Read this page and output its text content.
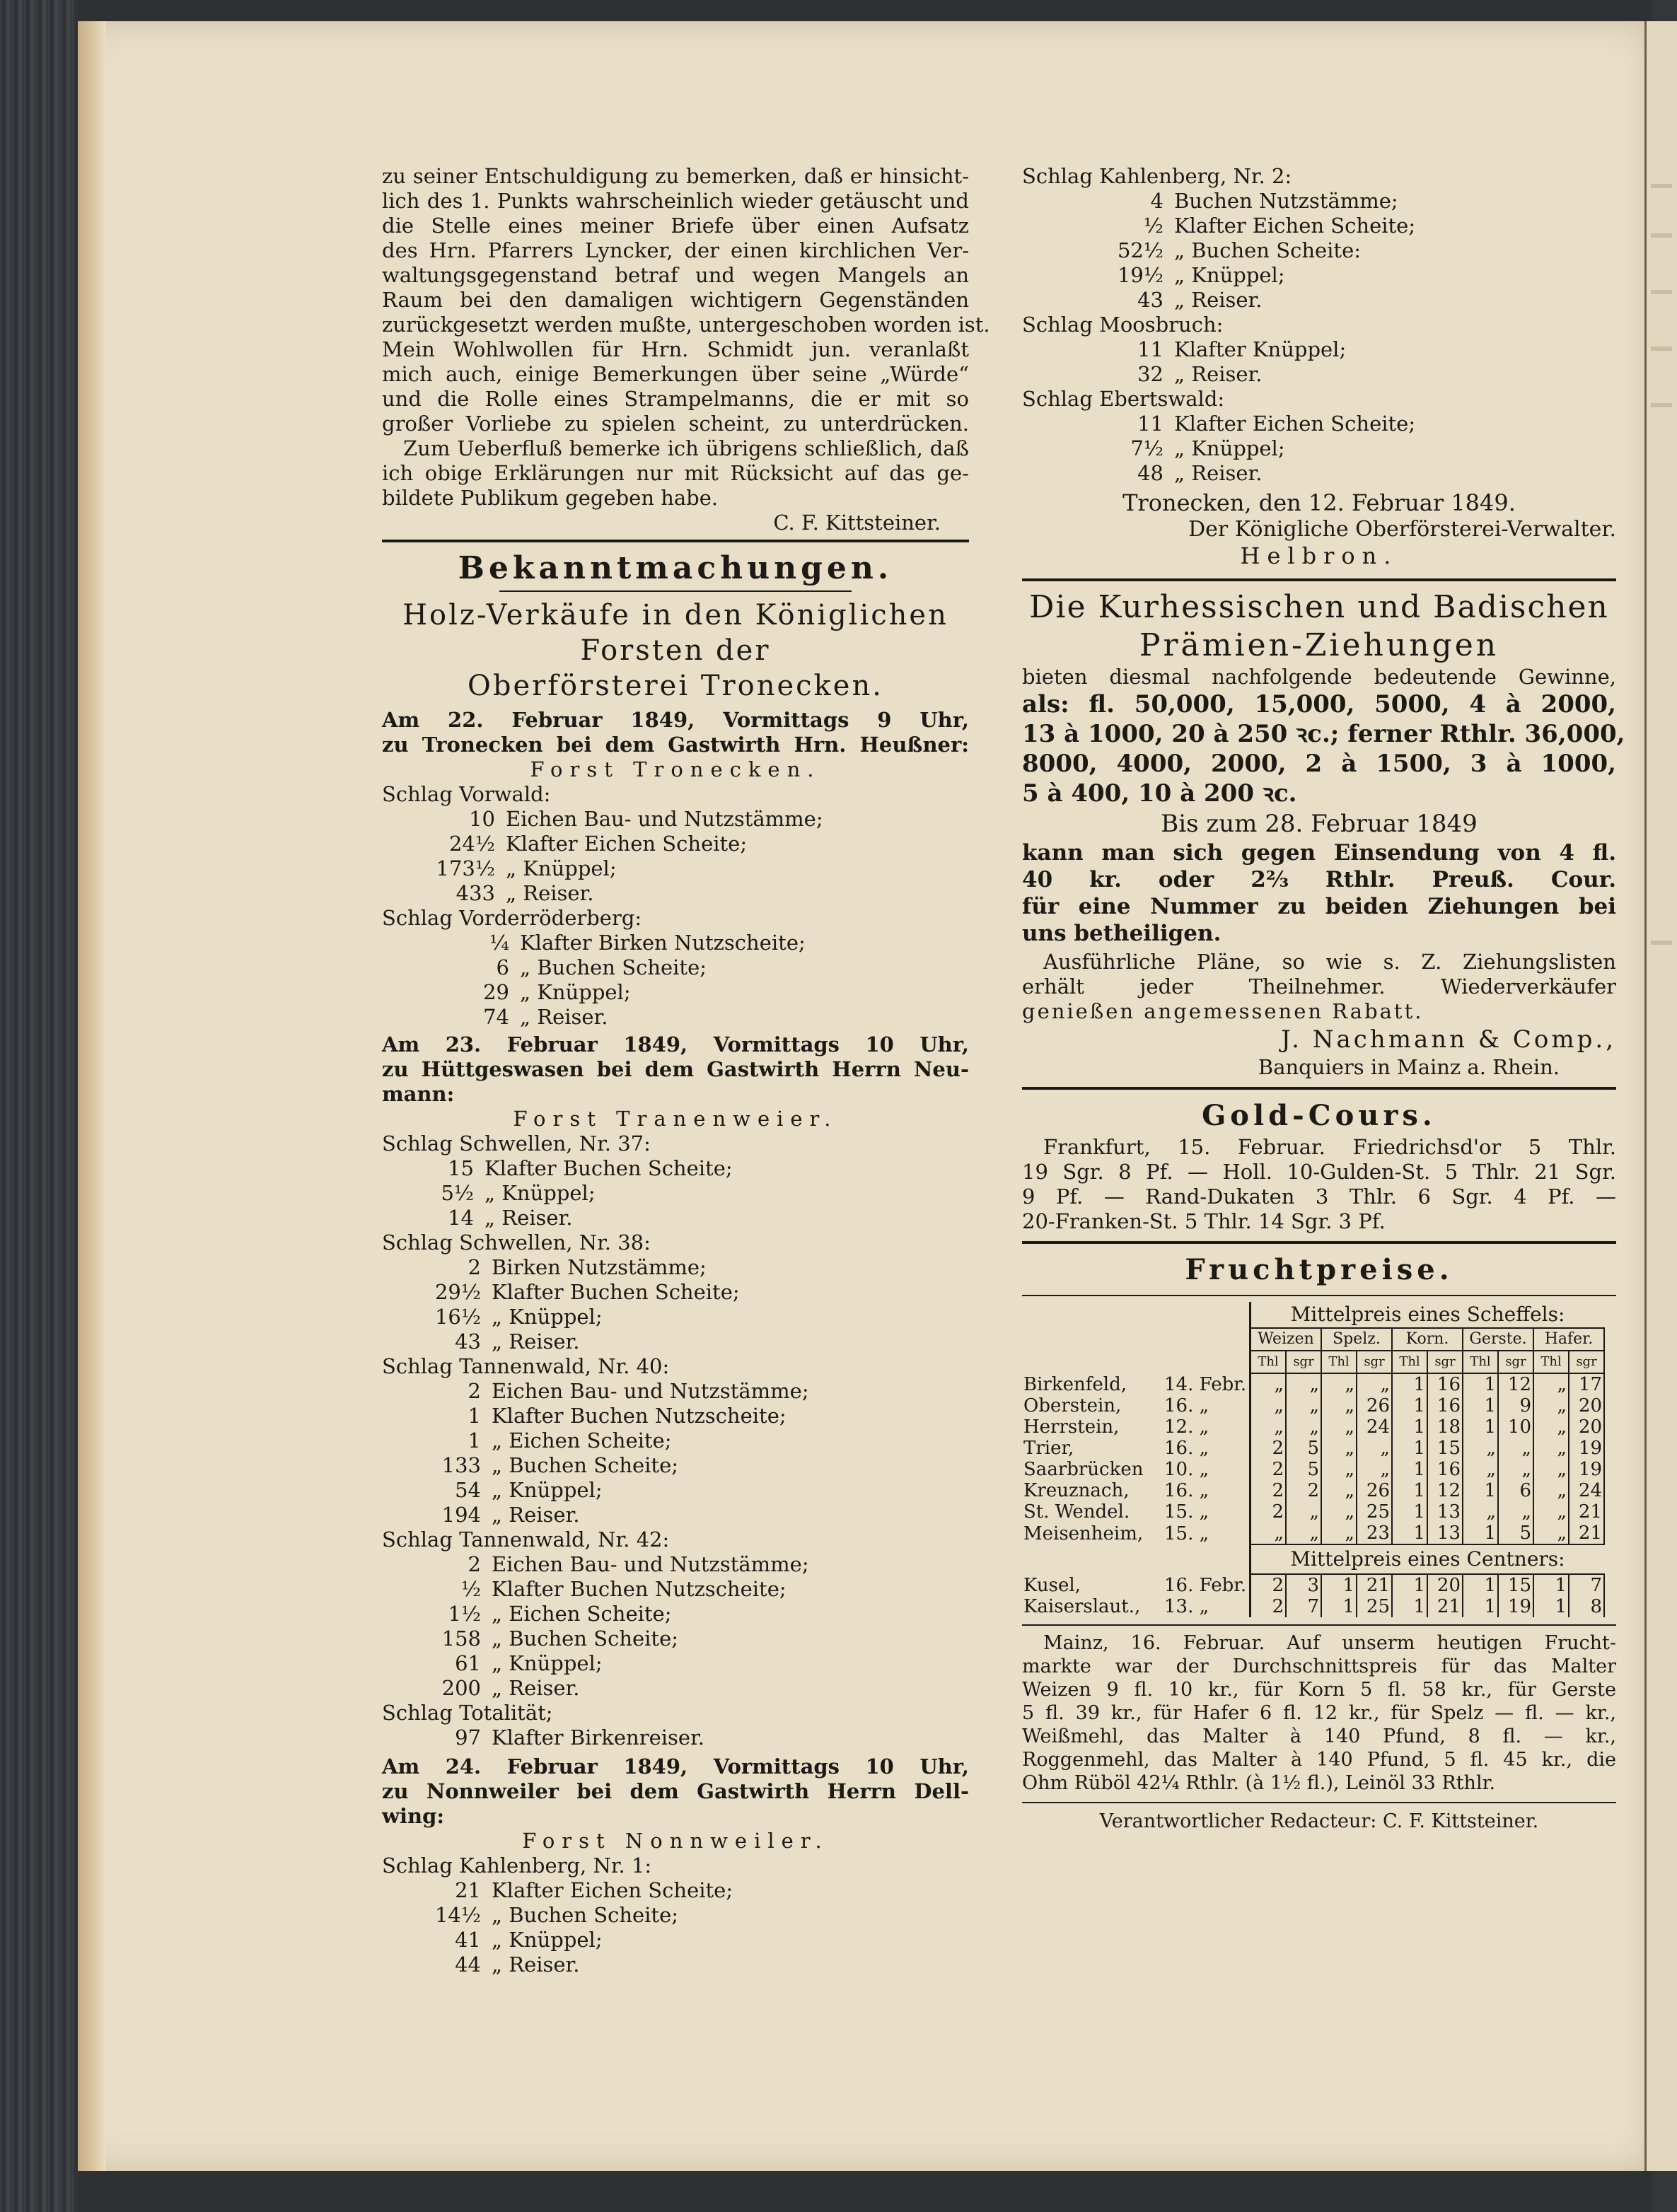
zu seiner Entschuldigung zu bemerken, daß er hinsicht-
lich des 1. Punkts wahrscheinlich wieder getäuscht und
die Stelle eines meiner Briefe über einen Aufsatz
des Hrn. Pfarrers Lyncker, der einen kirchlichen Ver-
waltungsgegenstand betraf und wegen Mangels an
Raum bei den damaligen wichtigern Gegenständen
zurückgesetzt werden mußte, untergeschoben worden ist.
Mein Wohlwollen für Hrn. Schmidt jun. veranlaßt
mich auch, einige Bemerkungen über seine „Würde“
und die Rolle eines Strampelmanns, die er mit so
großer Vorliebe zu spielen scheint, zu unterdrücken.
Zum Ueberfluß bemerke ich übrigens schließlich, daß
ich obige Erklärungen nur mit Rücksicht auf das ge-
bildete Publikum gegeben habe.
C. F. Kittsteiner.
Bekanntmachungen.
Holz-Verkäufe in den Königlichen Forsten der
Oberförsterei Tronecken.
Am 22. Februar 1849, Vormittags 9 Uhr,
zu Tronecken bei dem Gastwirth Hrn. Heußner:
Forst Tronecken.
Schlag Vorwald:
10 Eichen Bau- und Nutzstämme;
24½ Klafter Eichen Scheite;
173½ „ Knüppel;
433 „ Reiser.
Schlag Vorderröderberg:
¼ Klafter Birken Nutzscheite;
6 „ Buchen Scheite;
29 „ Knüppel;
74 „ Reiser.
Am 23. Februar 1849, Vormittags 10 Uhr,
zu Hüttgeswasen bei dem Gastwirth Herrn Neu-
mann:
Forst Tranenweier.
Schlag Schwellen, Nr. 37:
15 Klafter Buchen Scheite;
5½ „ Knüppel;
14 „ Reiser.
Schlag Schwellen, Nr. 38:
2 Birken Nutzstämme;
29½ Klafter Buchen Scheite;
16½ „ Knüppel;
43 „ Reiser.
Schlag Tannenwald, Nr. 40:
2 Eichen Bau- und Nutzstämme;
1 Klafter Buchen Nutzscheite;
1 „ Eichen Scheite;
133 „ Buchen Scheite;
54 „ Knüppel;
194 „ Reiser.
Schlag Tannenwald, Nr. 42:
2 Eichen Bau- und Nutzstämme;
½ Klafter Buchen Nutzscheite;
1½ „ Eichen Scheite;
158 „ Buchen Scheite;
61 „ Knüppel;
200 „ Reiser.
Schlag Totalität;
97 Klafter Birkenreiser.
Am 24. Februar 1849, Vormittags 10 Uhr,
zu Nonnweiler bei dem Gastwirth Herrn Dell-
wing:
Forst Nonnweiler.
Schlag Kahlenberg, Nr. 1:
21 Klafter Eichen Scheite;
14½ „ Buchen Scheite;
41 „ Knüppel;
44 „ Reiser.
Schlag Kahlenberg, Nr. 2:
4 Buchen Nutzstämme;
½ Klafter Eichen Scheite;
52½ „ Buchen Scheite:
19½ „ Knüppel;
43 „ Reiser.
Schlag Moosbruch:
11 Klafter Knüppel;
32 „ Reiser.
Schlag Ebertswald:
11 Klafter Eichen Scheite;
7½ „ Knüppel;
48 „ Reiser.
Tronecken, den 12. Februar 1849.
Der Königliche Oberförsterei-Verwalter.
Helbron.
Die Kurhessischen und Badischen
Prämien-Ziehungen
bieten diesmal nachfolgende bedeutende Gewinne,
als: fl. 50,000, 15,000, 5000, 4 à 2000,
13 à 1000, 20 à 250 ꝛc.; ferner Rthlr. 36,000,
8000, 4000, 2000, 2 à 1500, 3 à 1000,
5 à 400, 10 à 200 ꝛc.
Bis zum 28. Februar 1849
kann man sich gegen Einsendung von 4 fl.
40 kr. oder 2⅔ Rthlr. Preuß. Cour.
für eine Nummer zu beiden Ziehungen bei
uns betheiligen.
Ausführliche Pläne, so wie s. Z. Ziehungslisten
erhält jeder Theilnehmer. Wiederverkäufer
genießen angemessenen Rabatt.
J. Nachmann & Comp.,
Banquiers in Mainz a. Rhein.
Gold-Cours.
Frankfurt, 15. Februar. Friedrichsd'or 5 Thlr.
19 Sgr. 8 Pf. — Holl. 10-Gulden-St. 5 Thlr. 21 Sgr.
9 Pf. — Rand-Dukaten 3 Thlr. 6 Sgr. 4 Pf. —
20-Franken-St. 5 Thlr. 14 Sgr. 3 Pf.
Fruchtpreise.
		Mittelpreis eines Scheffels:									
		Weizen		Spelz.		Korn.		Gerste.		Hafer.	
		Thl	sgr	Thl	sgr	Thl	sgr	Thl	sgr	Thl	sgr
Birkenfeld,	14. Febr.	„	„	„	„	1	16	1	12	„	17
Oberstein,	16. „	„	„	„	26	1	16	1	9	„	20
Herrstein,	12. „	„	„	„	24	1	18	1	10	„	20
Trier,	16. „	2	5	„	„	1	15	„	„	„	19
Saarbrücken	10. „	2	5	„	„	1	16	„	„	„	19
Kreuznach,	16. „	2	2	„	26	1	12	1	6	„	24
St. Wendel.	15. „	2	„	„	25	1	13	„	„	„	21
Meisenheim,	15. „	„	„	„	23	1	13	1	5	„	21
		Mittelpreis eines Centners:									
Kusel,	16. Febr.	2	3	1	21	1	20	1	15	1	7
Kaiserslaut.,	13. „	2	7	1	25	1	21	1	19	1	8
Mainz, 16. Februar. Auf unserm heutigen Frucht-
markte war der Durchschnittspreis für das Malter
Weizen 9 fl. 10 kr., für Korn 5 fl. 58 kr., für Gerste
5 fl. 39 kr., für Hafer 6 fl. 12 kr., für Spelz — fl. — kr.,
Weißmehl, das Malter à 140 Pfund, 8 fl. — kr.,
Roggenmehl, das Malter à 140 Pfund, 5 fl. 45 kr., die
Ohm Rüböl 42¼ Rthlr. (à 1½ fl.), Leinöl 33 Rthlr.
Verantwortlicher Redacteur: C. F. Kittsteiner.
